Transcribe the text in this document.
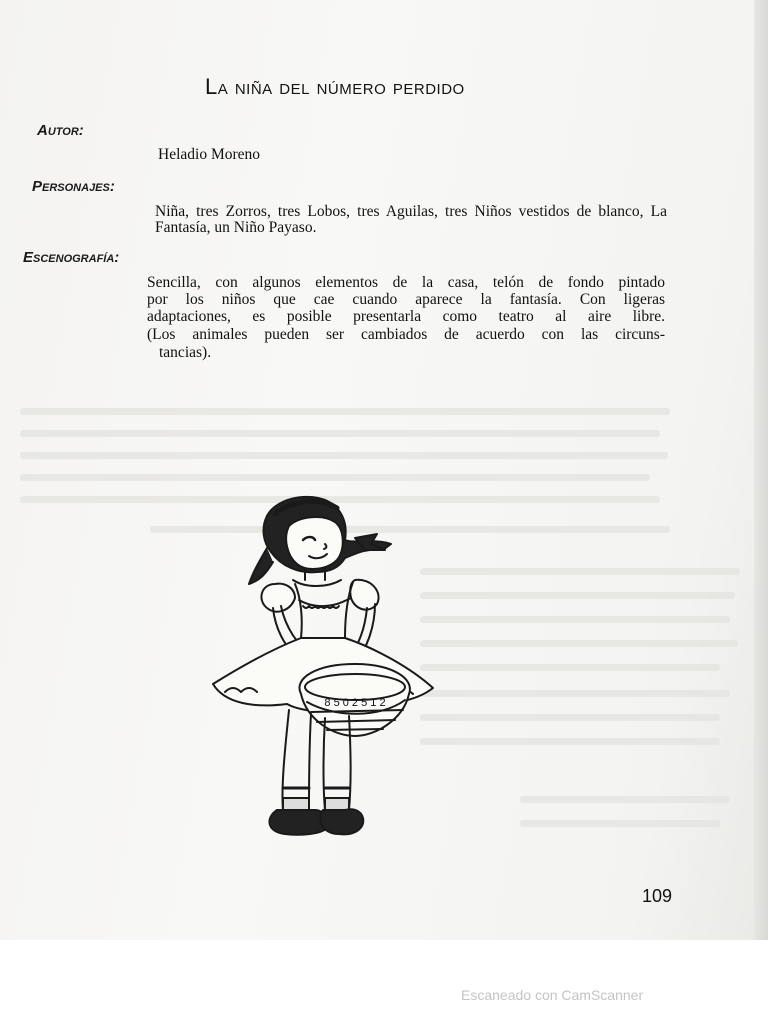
La niña del número perdido
Autor:
Heladio Moreno
Personajes:
Niña, tres Zorros, tres Lobos, tres Aguilas, tres Niños vestidos de blanco, La Fantasía, un Niño Payaso.
Escenografía:
Sencilla, con algunos elementos de la casa, telón de fondo pintado
por los niños que cae cuando aparece la fantasía. Con ligeras
adaptaciones, es posible presentarla como teatro al aire libre.
(Los animales pueden ser cambiados de acuerdo con las circuns-
tancias).
8 5 0 2 5 1 2
109
Escaneado con CamScanner
